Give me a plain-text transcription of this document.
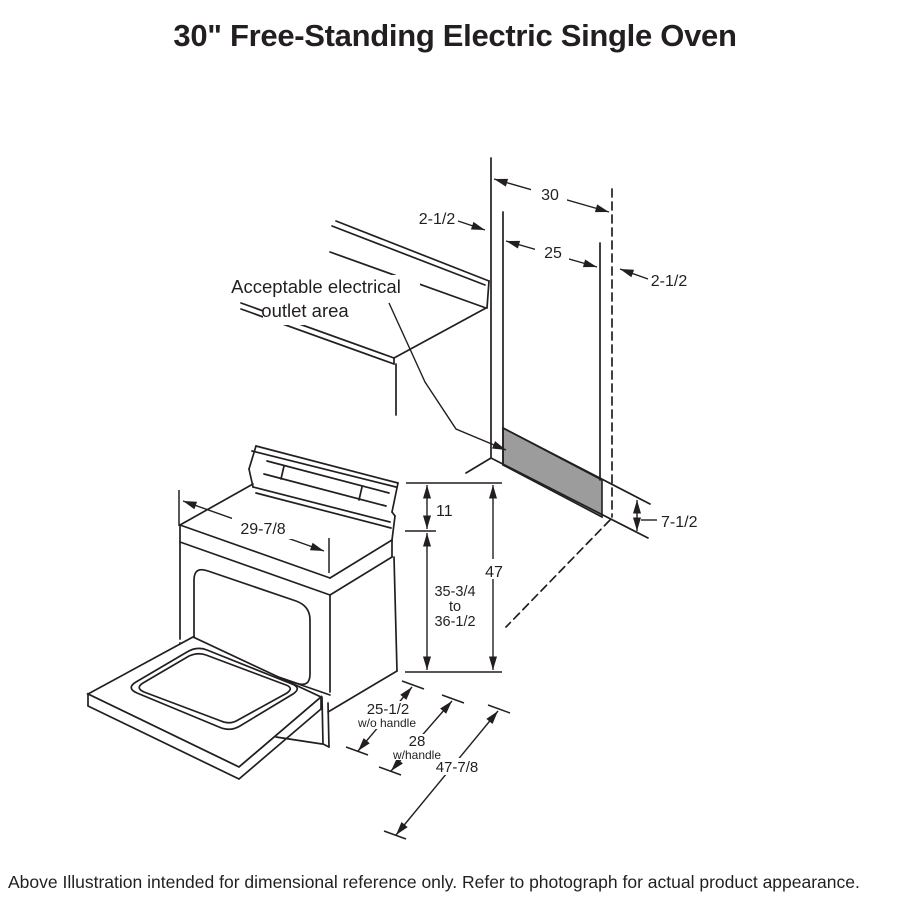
Acceptable electrical
outlet area
30
25
2-1/2
2-1/2
7-1/2
29-7/8
11
35-3/4
to
36-1/2
47
25-1/2
w/o handle
28
w/handle
47-7/8
30" Free-Standing Electric Single Oven
Above Illustration intended for dimensional reference only. Refer to photograph for actual product appearance.
